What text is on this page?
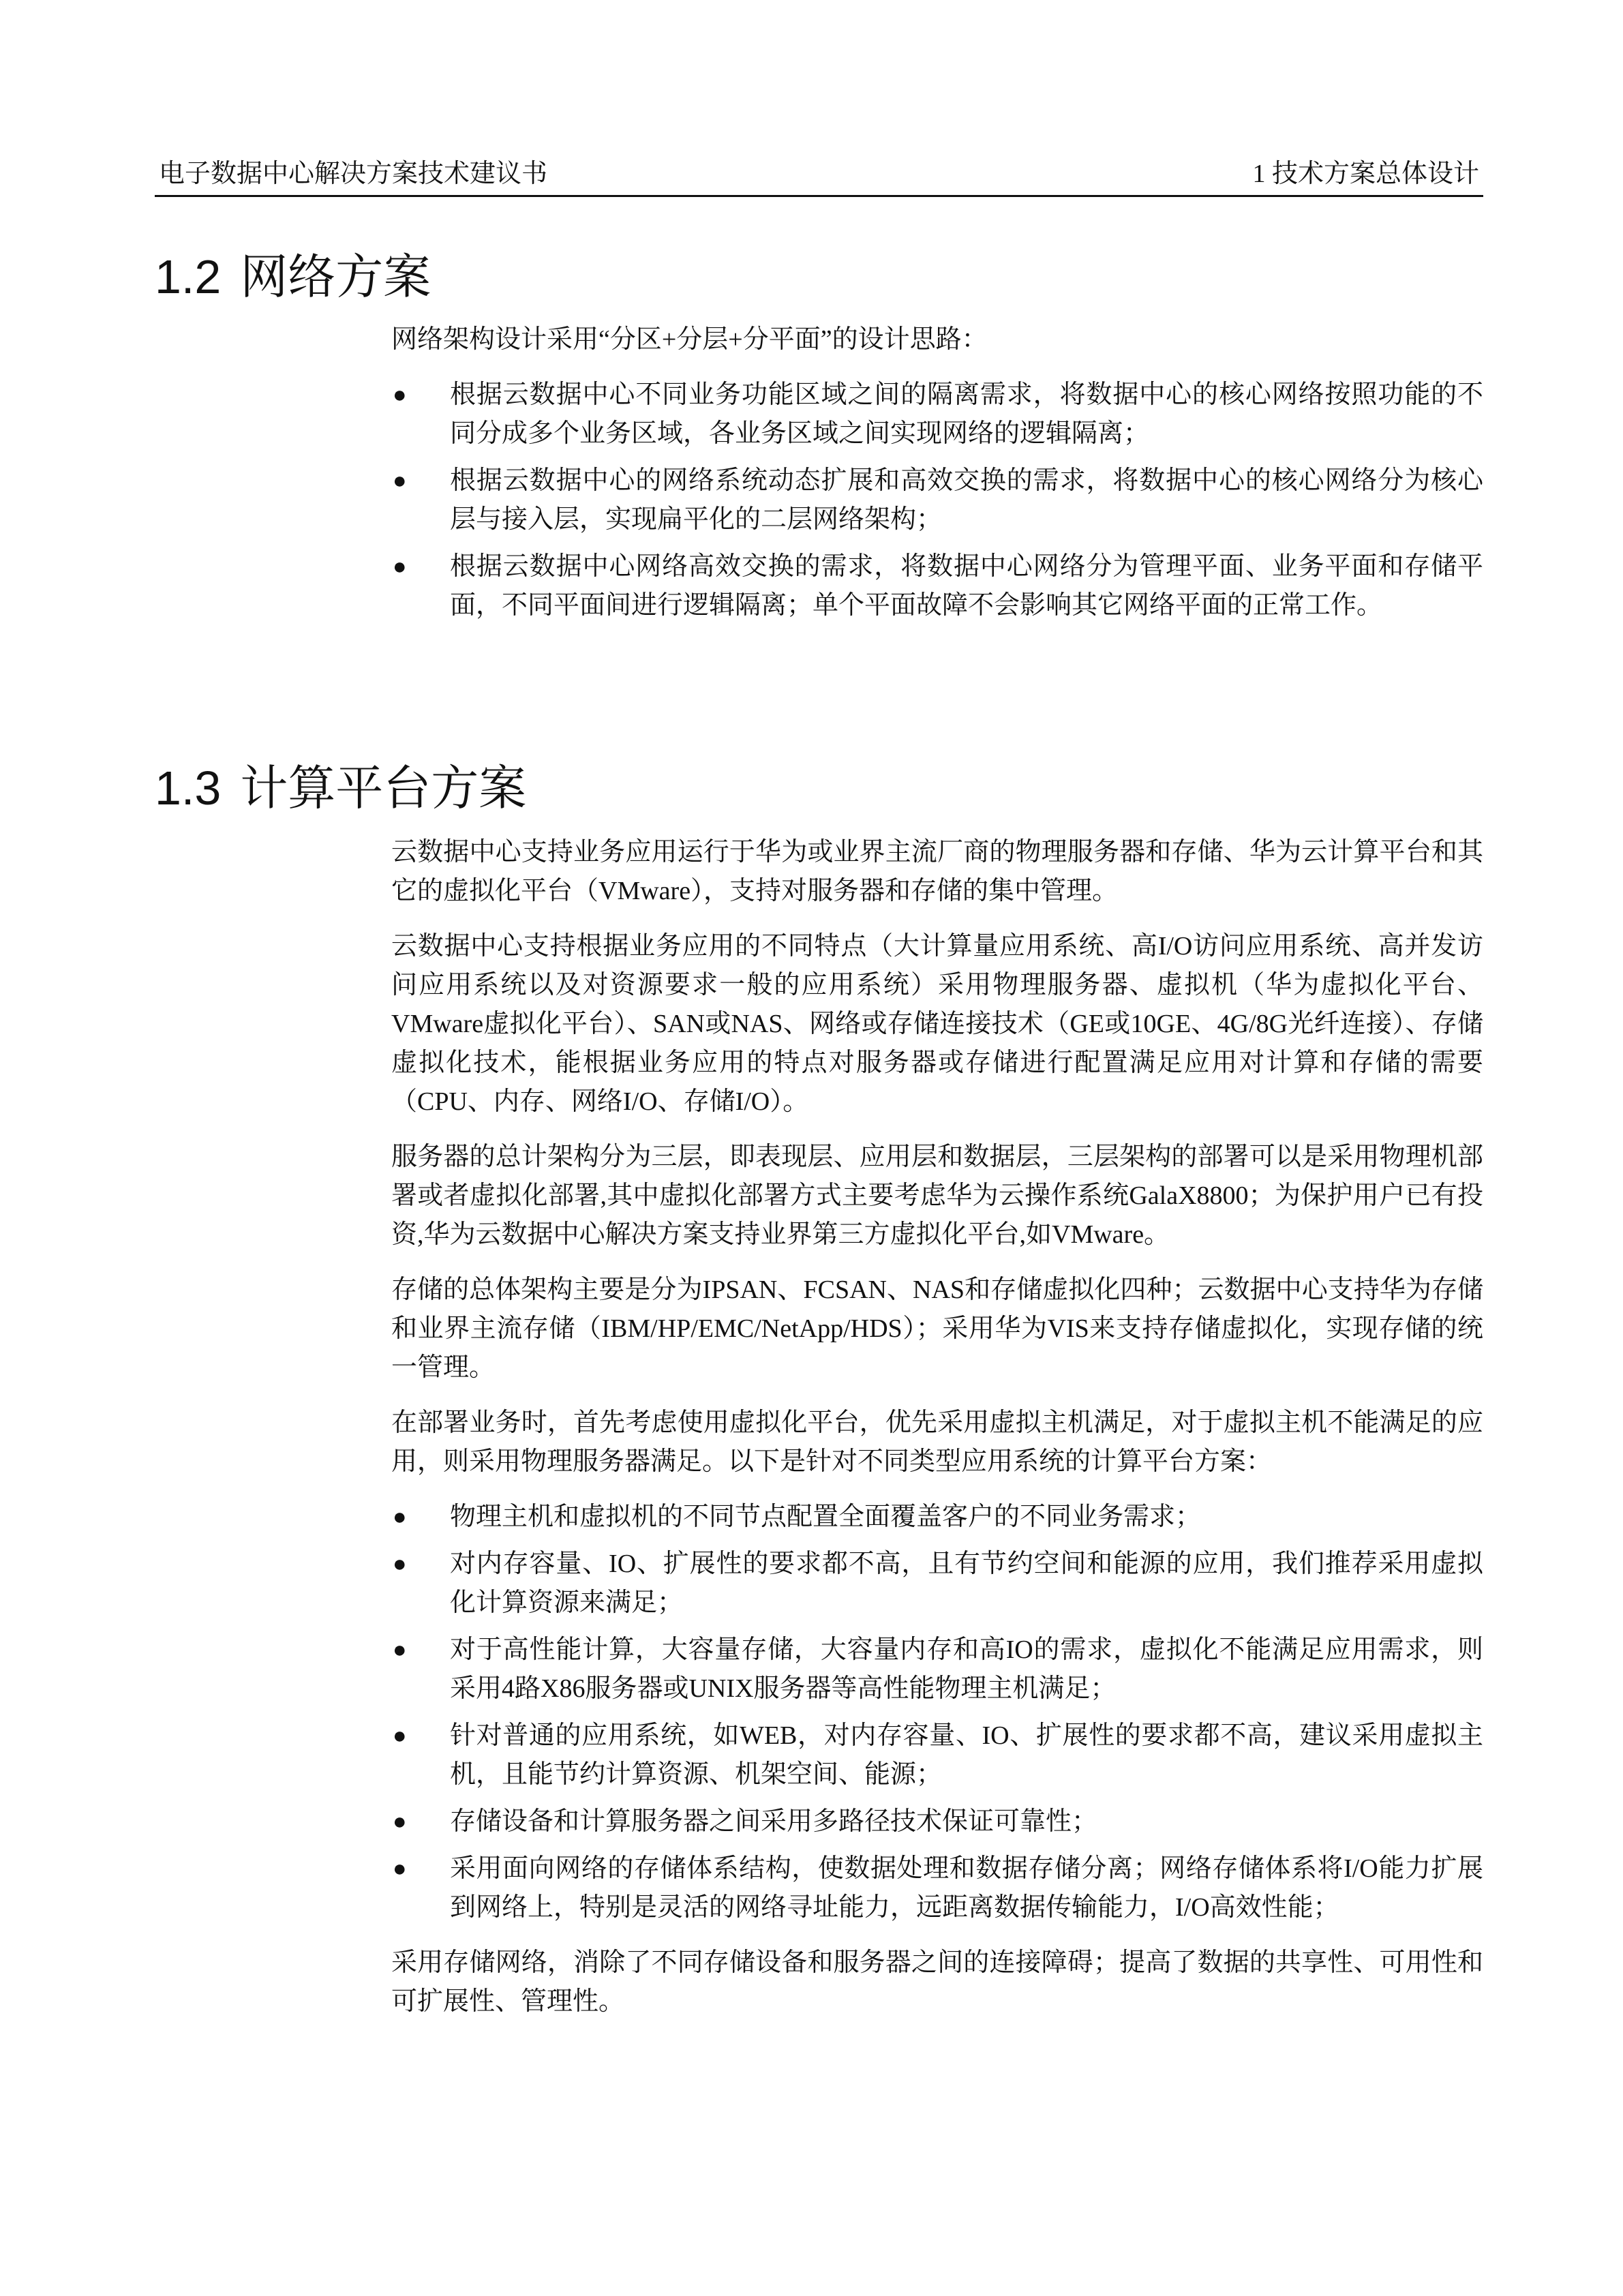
电子数据中心解决方案技术建议书	1 技术方案总体设计
1.2 网络方案

网络架构设计采用“分区+分层+分平面”的设计思路：

● 根据云数据中心不同业务功能区域之间的隔离需求，将数据中心的核心网络按照功能的不同分成多个业务区域，各业务区域之间实现网络的逻辑隔离；
● 根据云数据中心的网络系统动态扩展和高效交换的需求，将数据中心的核心网络分为核心层与接入层，实现扁平化的二层网络架构；
● 根据云数据中心网络高效交换的需求，将数据中心网络分为管理平面、业务平面和存储平面，不同平面间进行逻辑隔离；单个平面故障不会影响其它网络平面的正常工作。
1.3 计算平台方案

云数据中心支持业务应用运行于华为或业界主流厂商的物理服务器和存储、华为云计算平台和其它的虚拟化平台（VMware），支持对服务器和存储的集中管理。

云数据中心支持根据业务应用的不同特点（大计算量应用系统、高I/O访问应用系统、高并发访问应用系统以及对资源要求一般的应用系统）采用物理服务器、虚拟机（华为虚拟化平台、VMware虚拟化平台）、SAN或NAS、网络或存储连接技术（GE或10GE、4G/8G光纤连接）、存储虚拟化技术，能根据业务应用的特点对服务器或存储进行配置满足应用对计算和存储的需要（CPU、内存、网络I/O、存储I/O）。

服务器的总计架构分为三层，即表现层、应用层和数据层，三层架构的部署可以是采用物理机部署或者虚拟化部署,其中虚拟化部署方式主要考虑华为云操作系统GalaX8800；为保护用户已有投资,华为云数据中心解决方案支持业界第三方虚拟化平台,如VMware。

存储的总体架构主要是分为IPSAN、FCSAN、NAS和存储虚拟化四种；云数据中心支持华为存储和业界主流存储（IBM/HP/EMC/NetApp/HDS）；采用华为VIS来支持存储虚拟化，实现存储的统一管理。

在部署业务时，首先考虑使用虚拟化平台，优先采用虚拟主机满足，对于虚拟主机不能满足的应用，则采用物理服务器满足。以下是针对不同类型应用系统的计算平台方案：

● 物理主机和虚拟机的不同节点配置全面覆盖客户的不同业务需求；
● 对内存容量、IO、扩展性的要求都不高，且有节约空间和能源的应用，我们推荐采用虚拟化计算资源来满足；
● 对于高性能计算，大容量存储，大容量内存和高IO的需求，虚拟化不能满足应用需求，则采用4路X86服务器或UNIX服务器等高性能物理主机满足；
● 针对普通的应用系统，如WEB，对内存容量、IO、扩展性的要求都不高，建议采用虚拟主机，且能节约计算资源、机架空间、能源；
● 存储设备和计算服务器之间采用多路径技术保证可靠性；
● 采用面向网络的存储体系结构，使数据处理和数据存储分离；网络存储体系将I/O能力扩展到网络上，特别是灵活的网络寻址能力，远距离数据传输能力，I/O高效性能；

采用存储网络，消除了不同存储设备和服务器之间的连接障碍；提高了数据的共享性、可用性和可扩展性、管理性。
